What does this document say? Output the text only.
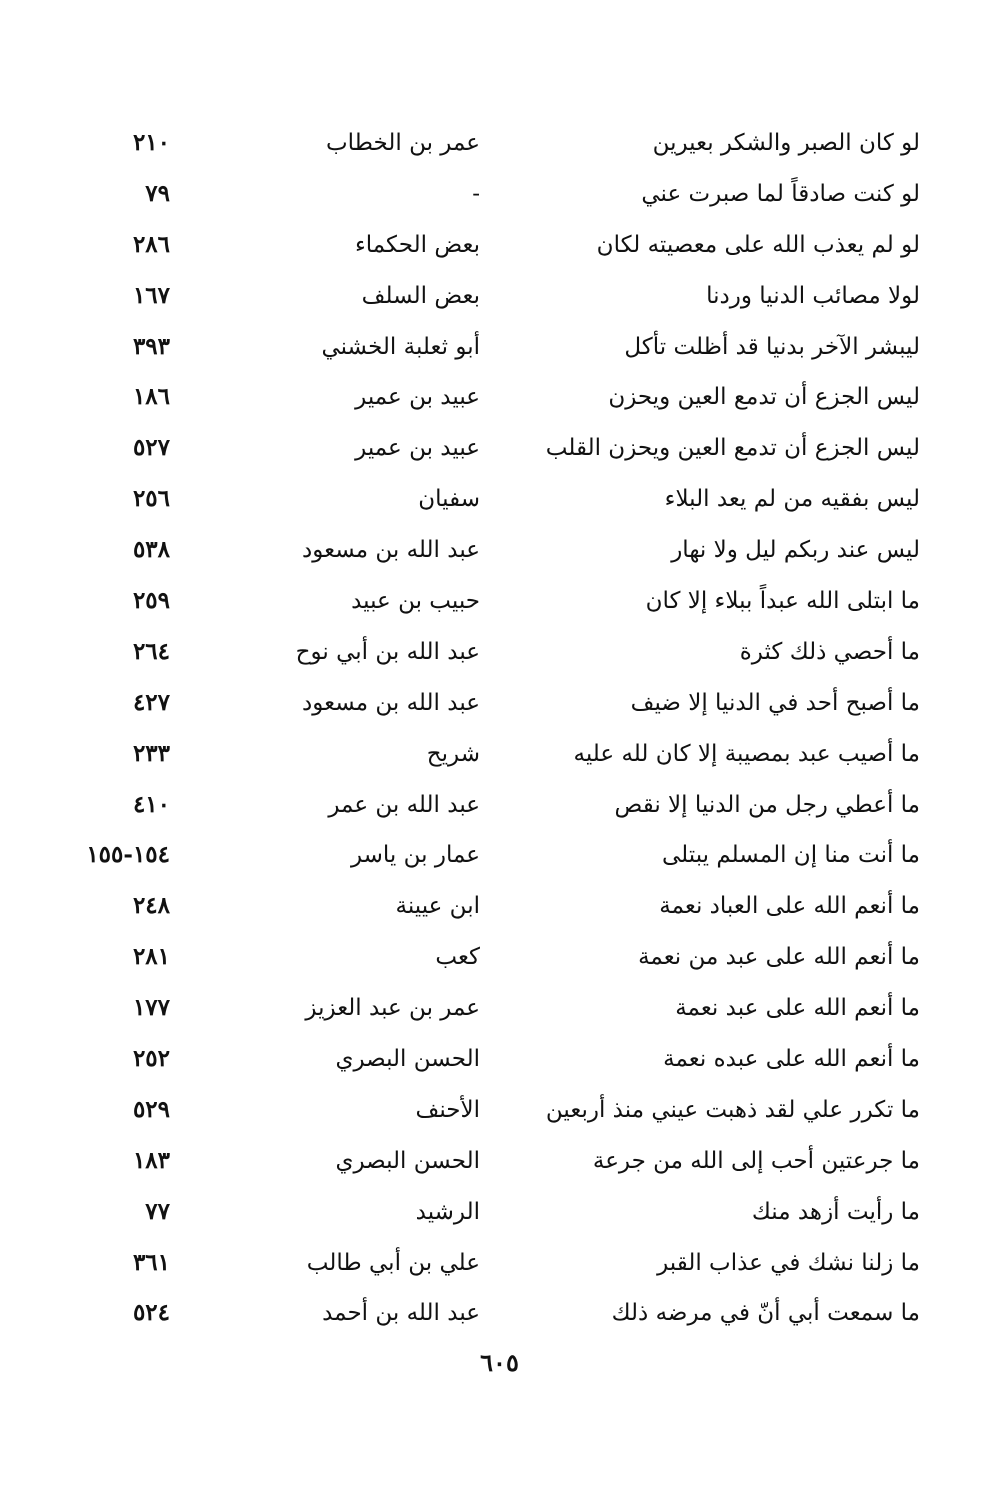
لو كان الصبر والشكر بعيرين
عمر بن الخطاب
٢١٠
لو كنت صادقاً لما صبرت عني
-
٧٩
لو لم يعذب الله على معصيته لكان
بعض الحكماء
٢٨٦
لولا مصائب الدنيا وردنا
بعض السلف
١٦٧
ليبشر الآخر بدنيا قد أظلت تأكل
أبو ثعلبة الخشني
٣٩٣
ليس الجزع أن تدمع العين ويحزن
عبيد بن عمير
١٨٦
ليس الجزع أن تدمع العين ويحزن القلب
عبيد بن عمير
٥٢٧
ليس بفقيه من لم يعد البلاء
سفيان
٢٥٦
ليس عند ربكم ليل ولا نهار
عبد الله بن مسعود
٥٣٨
ما ابتلى الله عبداً ببلاء إلا كان
حبيب بن عبيد
٢٥٩
ما أحصي ذلك كثرة
عبد الله بن أبي نوح
٢٦٤
ما أصبح أحد في الدنيا إلا ضيف
عبد الله بن مسعود
٤٢٧
ما أصيب عبد بمصيبة إلا كان لله عليه
شريح
٢٣٣
ما أعطي رجل من الدنيا إلا نقص
عبد الله بن عمر
٤١٠
ما أنت منا إن المسلم يبتلى
عمار بن ياسر
١٥٤-١٥٥
ما أنعم الله على العباد نعمة
ابن عيينة
٢٤٨
ما أنعم الله على عبد من نعمة
كعب
٢٨١
ما أنعم الله على عبد نعمة
عمر بن عبد العزيز
١٧٧
ما أنعم الله على عبده نعمة
الحسن البصري
٢٥٢
ما تكرر علي لقد ذهبت عيني منذ أربعين
الأحنف
٥٢٩
ما جرعتين أحب إلى الله من جرعة
الحسن البصري
١٨٣
ما رأيت أزهد منك
الرشيد
٧٧
ما زلنا نشك في عذاب القبر
علي بن أبي طالب
٣٦١
ما سمعت أبي أنّ في مرضه ذلك
عبد الله بن أحمد
٥٢٤
٦٠٥
